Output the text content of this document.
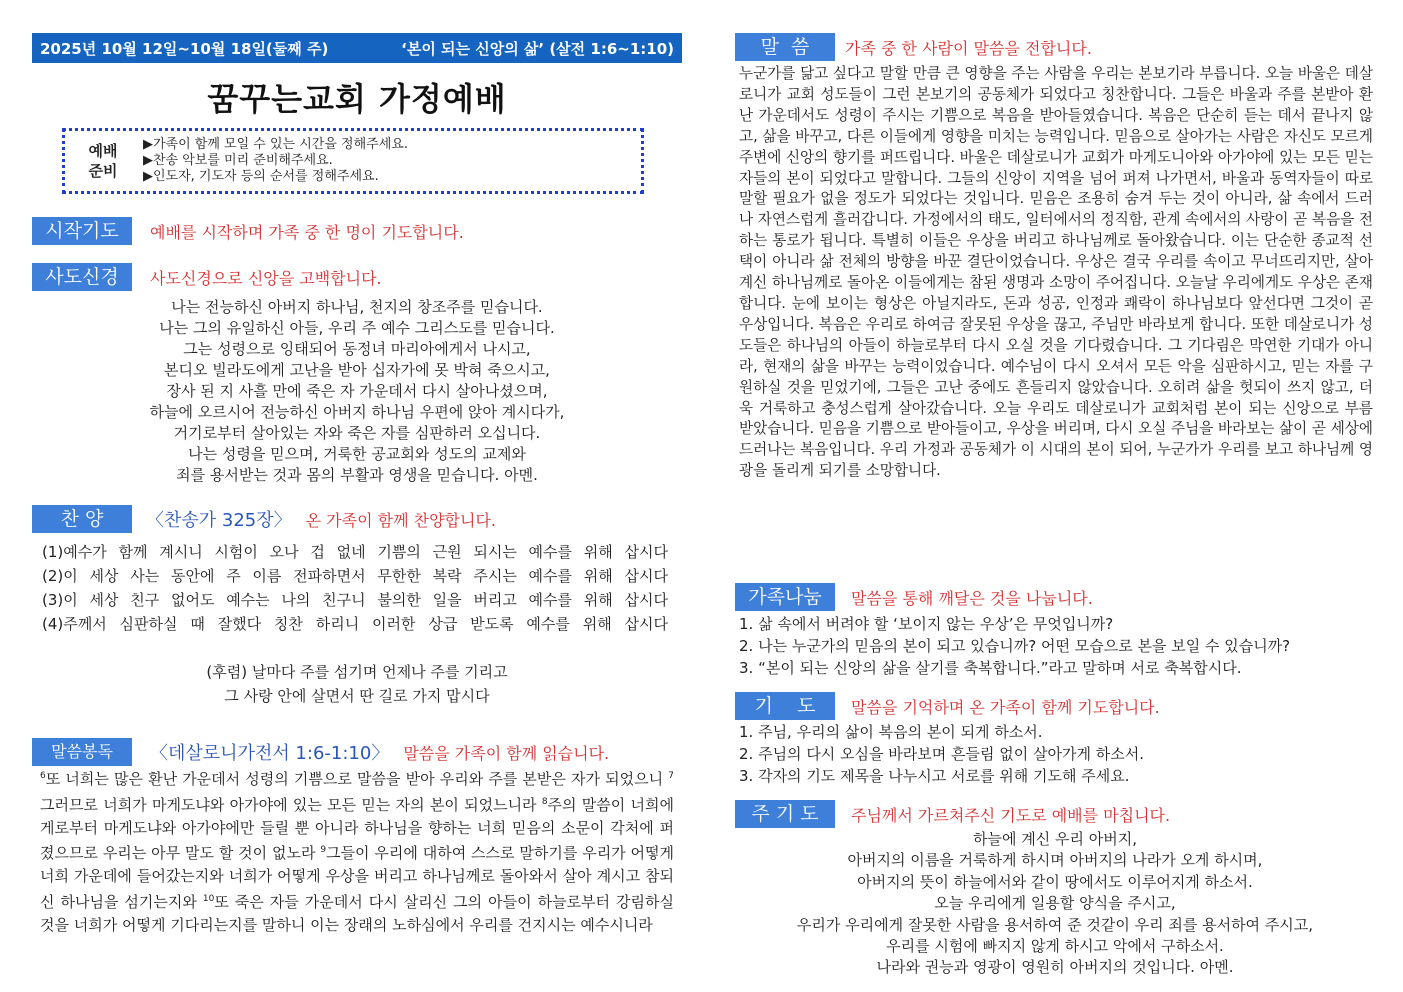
2025년 10월 12일~10월 18일(둘째 주)	‘본이 되는 신앙의 삶’ (살전 1:6~1:10)
꿈꾸는교회 가정예배
예배
준비
▶가족이 함께 모일 수 있는 시간을 정해주세요.
▶찬송 악보를 미리 준비해주세요.
▶인도자, 기도자 등의 순서를 정해주세요.
시작기도	예배를 시작하며 가족 중 한 명이 기도합니다.
사도신경	사도신경으로 신앙을 고백합니다.
나는 전능하신 아버지 하나님, 천지의 창조주를 믿습니다.
나는 그의 유일하신 아들, 우리 주 예수 그리스도를 믿습니다.
그는 성령으로 잉태되어 동정녀 마리아에게서 나시고,
본디오 빌라도에게 고난을 받아 십자가에 못 박혀 죽으시고,
장사 된 지 사흘 만에 죽은 자 가운데서 다시 살아나셨으며,
하늘에 오르시어 전능하신 아버지 하나님 우편에 앉아 계시다가,
거기로부터 살아있는 자와 죽은 자를 심판하러 오십니다.
나는 성령을 믿으며, 거룩한 공교회와 성도의 교제와
죄를 용서받는 것과 몸의 부활과 영생을 믿습니다. 아멘.
찬 양	〈찬송가 325장〉 온 가족이 함께 찬양합니다.
(1)예수가 함께 계시니 시험이 오나 겁 없네 기쁨의 근원 되시는 예수를 위해 삽시다
(2)이 세상 사는 동안에 주 이름 전파하면서 무한한 복락 주시는 예수를 위해 삽시다
(3)이 세상 친구 없어도 예수는 나의 친구니 불의한 일을 버리고 예수를 위해 삽시다
(4)주께서 심판하실 때 잘했다 칭찬 하리니 이러한 상급 받도록 예수를 위해 삽시다
(후렴) 날마다 주를 섬기며 언제나 주를 기리고
그 사랑 안에 살면서 딴 길로 가지 맙시다
말씀봉독	〈데살로니가전서 1:6-1:10〉 말씀을 가족이 함께 읽습니다.
$^6$또 너희는 많은 환난 가운데서 성령의 기쁨으로 말씀을 받아 우리와 주를 본받은 자가 되었으니 $^7$그러므로 너희가 마게도냐와 아가야에 있는 모든 믿는 자의 본이 되었느니라 $^8$주의 말씀이 너희에게로부터 마게도냐와 아가야에만 들릴 뿐 아니라 하나님을 향하는 너희 믿음의 소문이 각처에 퍼졌으므로 우리는 아무 말도 할 것이 없노라 $^9$그들이 우리에 대하여 스스로 말하기를 우리가 어떻게 너희 가운데에 들어갔는지와 너희가 어떻게 우상을 버리고 하나님께로 돌아와서 살아 계시고 참되신 하나님을 섬기는지와 $^{10}$또 죽은 자들 가운데서 다시 살리신 그의 아들이 하늘로부터 강림하실 것을 너희가 어떻게 기다리는지를 말하니 이는 장래의 노하심에서 우리를 건지시는 예수시니라
말  씀	가족 중 한 사람이 말씀을 전합니다.
누군가를 닮고 싶다고 말할 만큼 큰 영향을 주는 사람을 우리는 본보기라 부릅니다. 오늘 바울은 데살로니가 교회 성도들이 그런 본보기의 공동체가 되었다고 칭찬합니다. 그들은 바울과 주를 본받아 환난 가운데서도 성령이 주시는 기쁨으로 복음을 받아들였습니다. 복음은 단순히 듣는 데서 끝나지 않고, 삶을 바꾸고, 다른 이들에게 영향을 미치는 능력입니다. 믿음으로 살아가는 사람은 자신도 모르게 주변에 신앙의 향기를 퍼뜨립니다. 바울은 데살로니가 교회가 마게도니아와 아가야에 있는 모든 믿는 자들의 본이 되었다고 말합니다. 그들의 신앙이 지역을 넘어 퍼져 나가면서, 바울과 동역자들이 따로 말할 필요가 없을 정도가 되었다는 것입니다. 믿음은 조용히 숨겨 두는 것이 아니라, 삶 속에서 드러나 자연스럽게 흘러갑니다. 가정에서의 태도, 일터에서의 정직함, 관계 속에서의 사랑이 곧 복음을 전하는 통로가 됩니다. 특별히 이들은 우상을 버리고 하나님께로 돌아왔습니다. 이는 단순한 종교적 선택이 아니라 삶 전체의 방향을 바꾼 결단이었습니다. 우상은 결국 우리를 속이고 무너뜨리지만, 살아 계신 하나님께로 돌아온 이들에게는 참된 생명과 소망이 주어집니다. 오늘날 우리에게도 우상은 존재합니다. 눈에 보이는 형상은 아닐지라도, 돈과 성공, 인정과 쾌락이 하나님보다 앞선다면 그것이 곧 우상입니다. 복음은 우리로 하여금 잘못된 우상을 끊고, 주님만 바라보게 합니다. 또한 데살로니가 성도들은 하나님의 아들이 하늘로부터 다시 오실 것을 기다렸습니다. 그 기다림은 막연한 기대가 아니라, 현재의 삶을 바꾸는 능력이었습니다. 예수님이 다시 오셔서 모든 악을 심판하시고, 믿는 자를 구원하실 것을 믿었기에, 그들은 고난 중에도 흔들리지 않았습니다. 오히려 삶을 헛되이 쓰지 않고, 더욱 거룩하고 충성스럽게 살아갔습니다. 오늘 우리도 데살로니가 교회처럼 본이 되는 신앙으로 부름 받았습니다. 믿음을 기쁨으로 받아들이고, 우상을 버리며, 다시 오실 주님을 바라보는 삶이 곧 세상에 드러나는 복음입니다. 우리 가정과 공동체가 이 시대의 본이 되어, 누군가가 우리를 보고 하나님께 영광을 돌리게 되기를 소망합니다.
가족나눔	말씀을 통해 깨달은 것을 나눕니다.
1. 삶 속에서 버려야 할 ‘보이지 않는 우상’은 무엇입니까?
2. 나는 누군가의 믿음의 본이 되고 있습니까? 어떤 모습으로 본을 보일 수 있습니까?
3. “본이 되는 신앙의 삶을 살기를 축복합니다.”라고 말하며 서로 축복합시다.
기    도	말씀을 기억하며 온 가족이 함께 기도합니다.
1. 주님, 우리의 삶이 복음의 본이 되게 하소서.
2. 주님의 다시 오심을 바라보며 흔들림 없이 살아가게 하소서.
3. 각자의 기도 제목을 나누시고 서로를 위해 기도해 주세요.
주 기 도	주님께서 가르쳐주신 기도로 예배를 마칩니다.
하늘에 계신 우리 아버지,
아버지의 이름을 거룩하게 하시며 아버지의 나라가 오게 하시며,
아버지의 뜻이 하늘에서와 같이 땅에서도 이루어지게 하소서.
오늘 우리에게 일용할 양식을 주시고,
우리가 우리에게 잘못한 사람을 용서하여 준 것같이 우리 죄를 용서하여 주시고,
우리를 시험에 빠지지 않게 하시고 악에서 구하소서.
나라와 권능과 영광이 영원히 아버지의 것입니다. 아멘.
